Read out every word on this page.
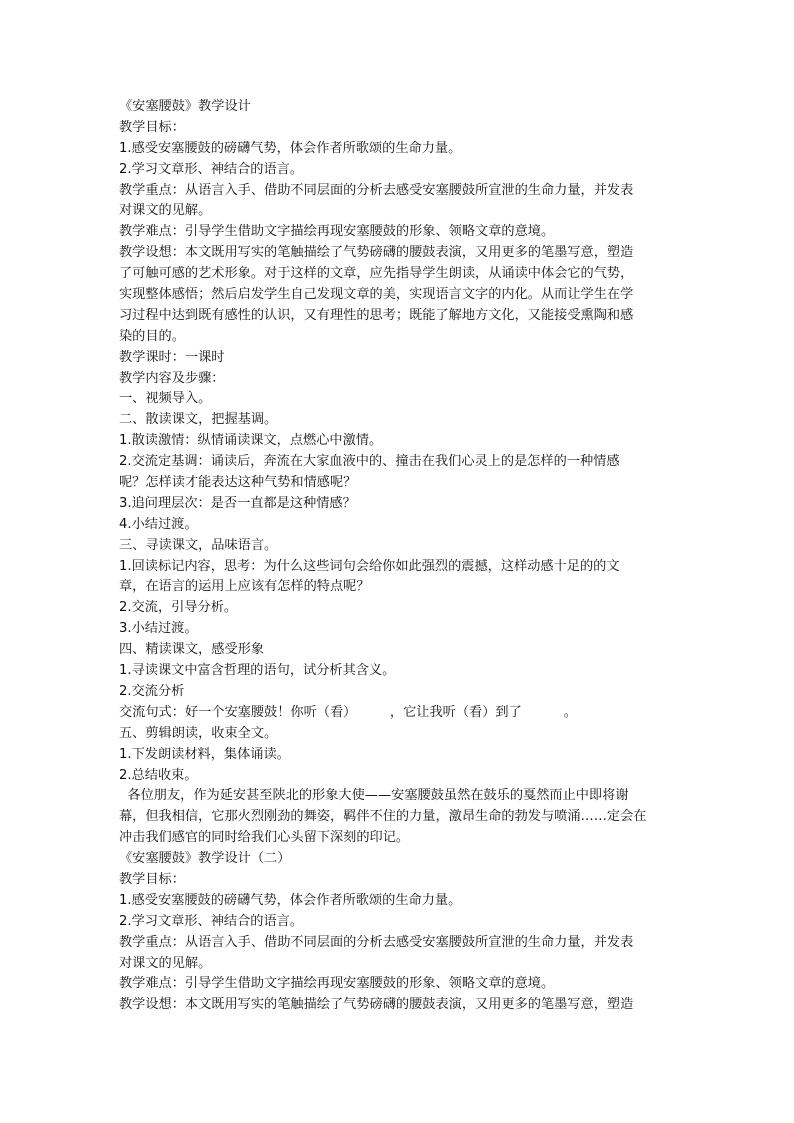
《安塞腰鼓》教学设计
教学目标：
1.感受安塞腰鼓的磅礴气势，体会作者所歌颂的生命力量。
2.学习文章形、神结合的语言。
教学重点：从语言入手、借助不同层面的分析去感受安塞腰鼓所宣泄的生命力量，并发表
对课文的见解。
教学难点：引导学生借助文字描绘再现安塞腰鼓的形象、领略文章的意境。
教学设想：本文既用写实的笔触描绘了气势磅礴的腰鼓表演，又用更多的笔墨写意，塑造
了可触可感的艺术形象。对于这样的文章，应先指导学生朗读，从诵读中体会它的气势，
实现整体感悟；然后启发学生自己发现文章的美，实现语言文字的内化。从而让学生在学
习过程中达到既有感性的认识，又有理性的思考；既能了解地方文化，又能接受熏陶和感
染的目的。
教学课时：一课时
教学内容及步骤：
一、视频导入。
二、散读课文，把握基调。
1.散读激情：纵情诵读课文，点燃心中激情。
2.交流定基调：诵读后，奔流在大家血液中的、撞击在我们心灵上的是怎样的一种情感
呢？怎样读才能表达这种气势和情感呢？
3.追问理层次：是否一直都是这种情感？
4.小结过渡。
三、寻读课文，品味语言。
1.回读标记内容，思考：为什么这些词句会给你如此强烈的震撼，这样动感十足的的文
章，在语言的运用上应该有怎样的特点呢？
2.交流，引导分析。
3.小结过渡。
四、精读课文，感受形象
1.寻读课文中富含哲理的语句，试分析其含义。
2.交流分析
交流句式：好一个安塞腰鼓！你听（看）        ，它让我听（看）到了          。
五、剪辑朗读，收束全文。
1.下发朗读材料，集体诵读。
2.总结收束。
各位朋友，作为延安甚至陕北的形象大使——安塞腰鼓虽然在鼓乐的戛然而止中即将谢
幕，但我相信，它那火烈刚劲的舞姿，羁伴不住的力量，激昂生命的勃发与喷涌……定会在
冲击我们感官的同时给我们心头留下深刻的印记。
《安塞腰鼓》教学设计（二）
教学目标：
1.感受安塞腰鼓的磅礴气势，体会作者所歌颂的生命力量。
2.学习文章形、神结合的语言。
教学重点：从语言入手、借助不同层面的分析去感受安塞腰鼓所宣泄的生命力量，并发表
对课文的见解。
教学难点：引导学生借助文字描绘再现安塞腰鼓的形象、领略文章的意境。
教学设想：本文既用写实的笔触描绘了气势磅礴的腰鼓表演，又用更多的笔墨写意，塑造
